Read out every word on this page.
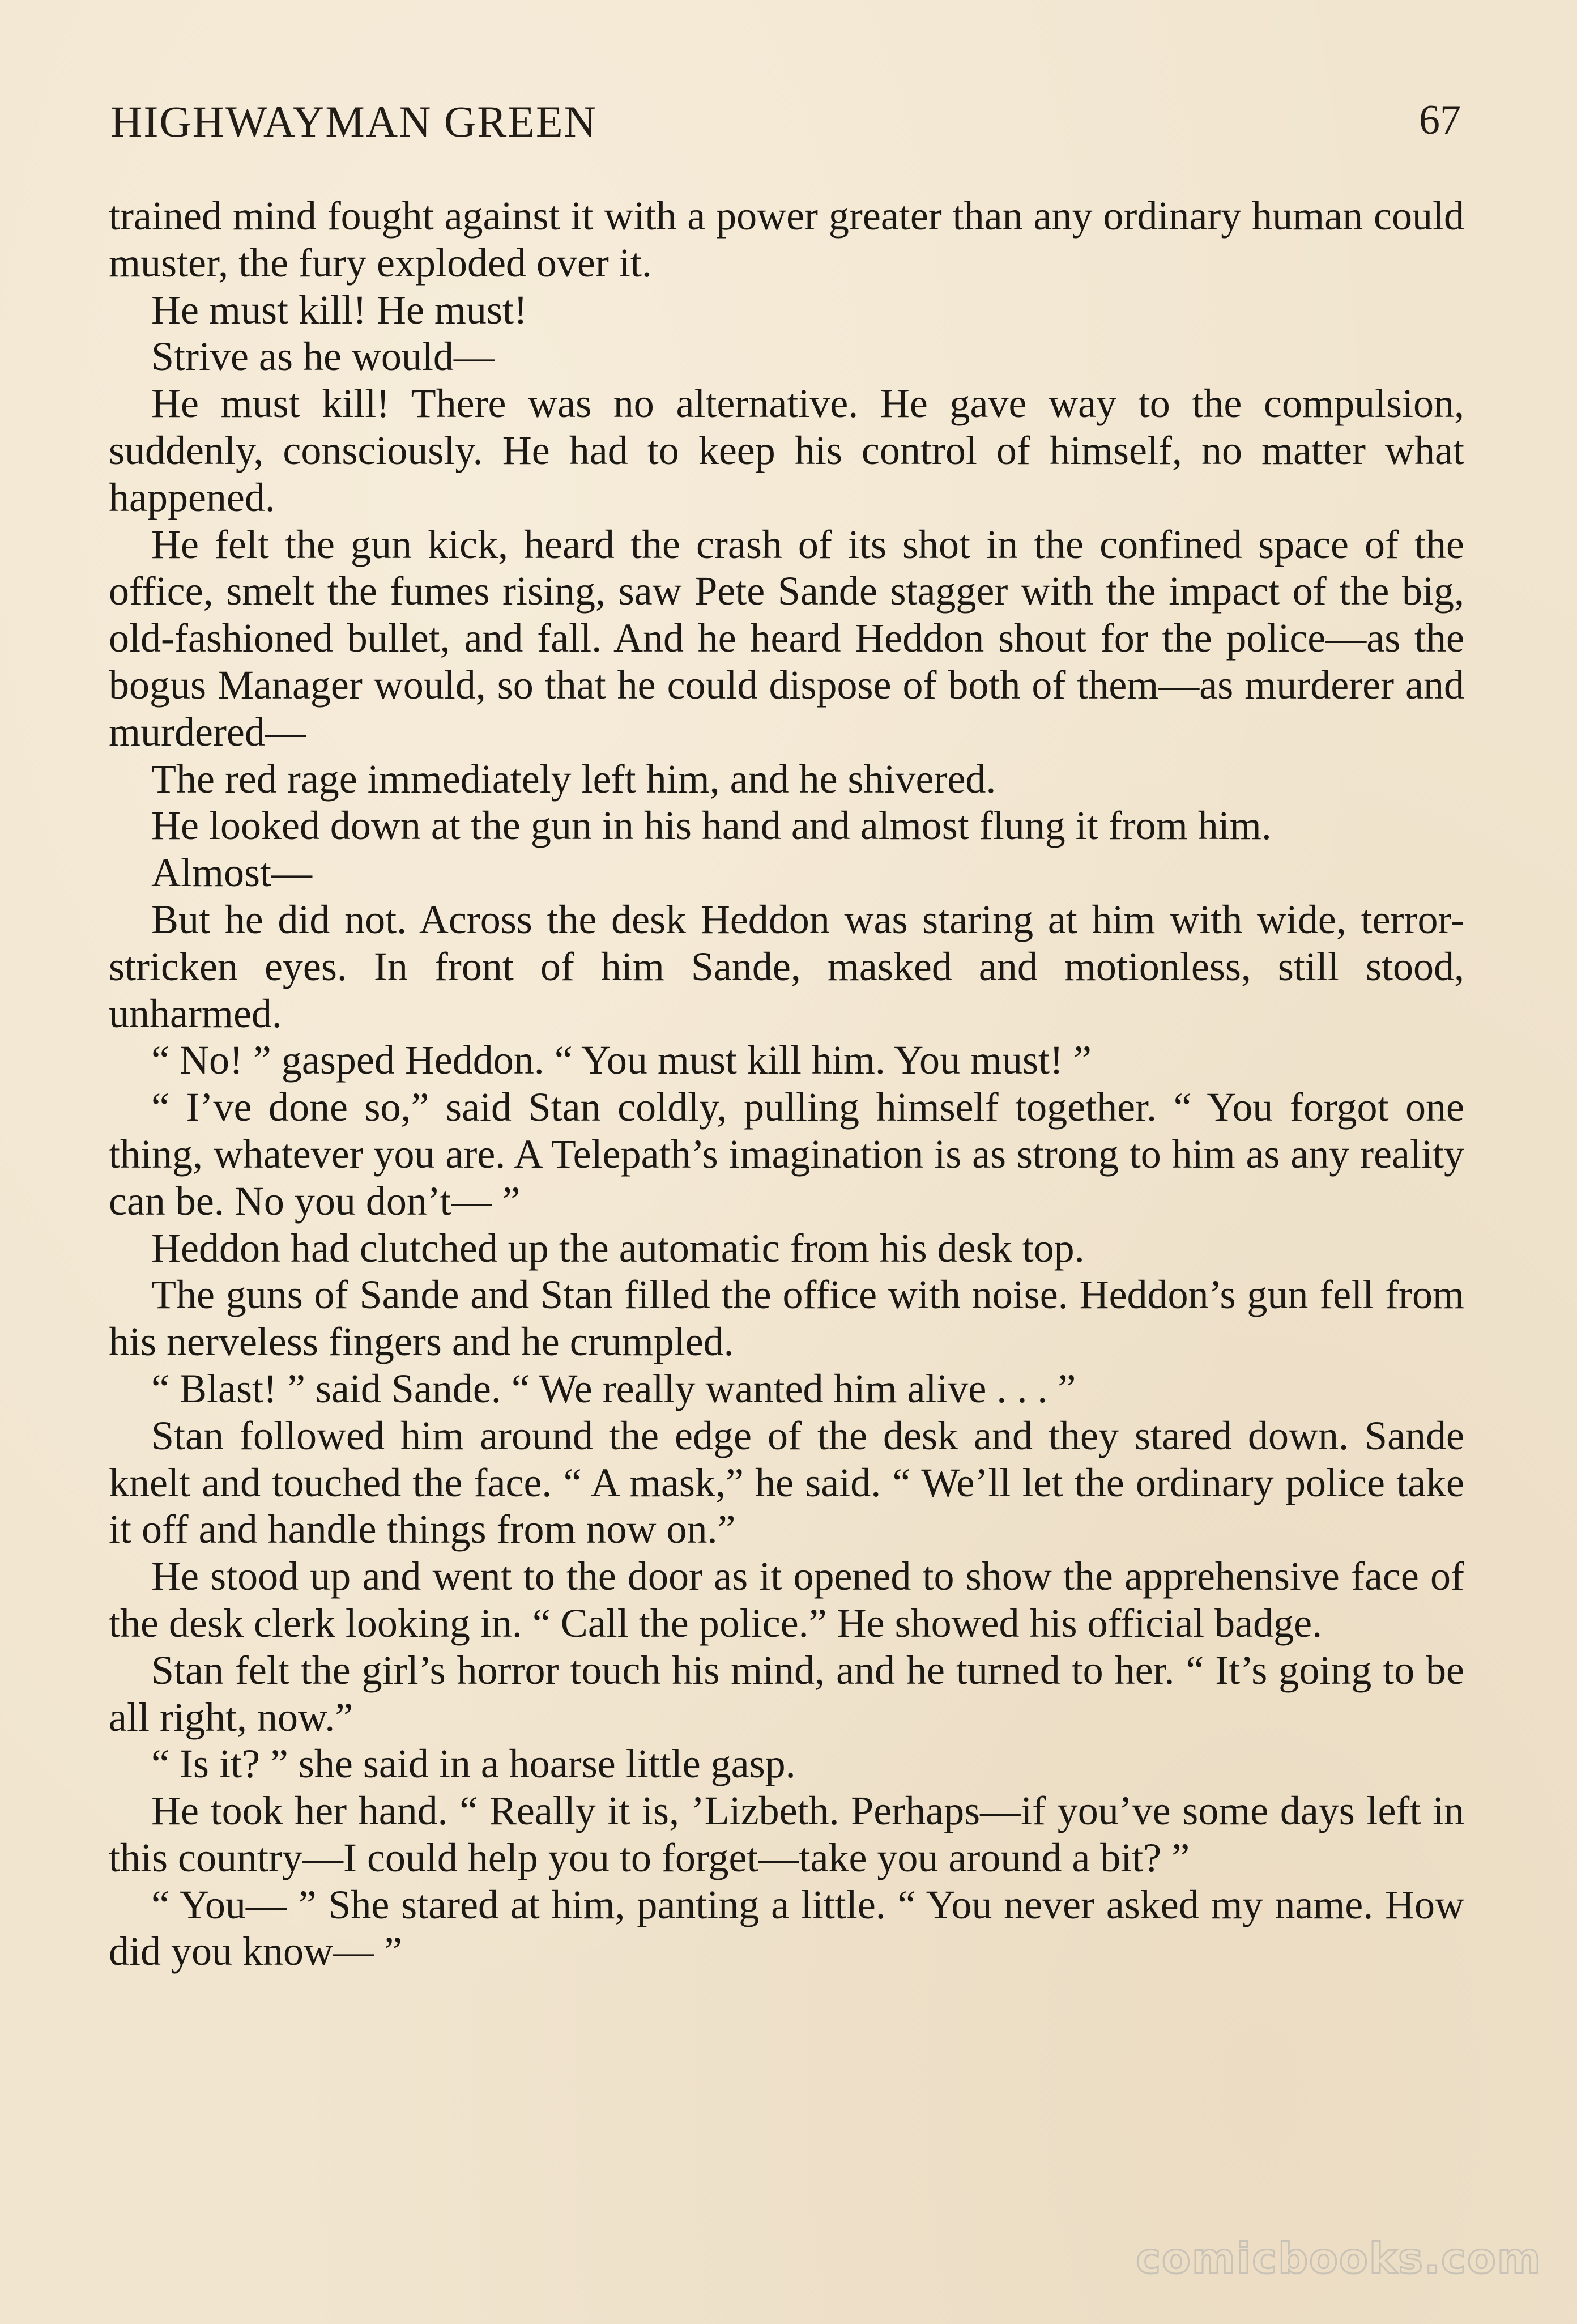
HIGHWAYMAN GREEN	67

trained mind fought against it with a power greater than any ordinary human could muster, the fury exploded over it.

He must kill! He must!

Strive as he would—

He must kill! There was no alternative. He gave way to the compulsion, suddenly, consciously. He had to keep his control of himself, no matter what happened.

He felt the gun kick, heard the crash of its shot in the confined space of the office, smelt the fumes rising, saw Pete Sande stagger with the impact of the big, old-fashioned bullet, and fall. And he heard Heddon shout for the police—as the bogus Manager would, so that he could dispose of both of them—as murderer and murdered—

The red rage immediately left him, and he shivered.

He looked down at the gun in his hand and almost flung it from him.

Almost—

But he did not. Across the desk Heddon was staring at him with wide, terror-stricken eyes. In front of him Sande, masked and motionless, still stood, unharmed.

“ No! ” gasped Heddon. “ You must kill him. You must! ”

“ I’ve done so,” said Stan coldly, pulling himself together. “ You forgot one thing, whatever you are. A Telepath’s imagination is as strong to him as any reality can be. No you don’t— ”

Heddon had clutched up the automatic from his desk top.

The guns of Sande and Stan filled the office with noise. Heddon’s gun fell from his nerveless fingers and he crumpled.

“ Blast! ” said Sande. “ We really wanted him alive . . . ”

Stan followed him around the edge of the desk and they stared down. Sande knelt and touched the face. “ A mask,” he said. “ We’ll let the ordinary police take it off and handle things from now on.”

He stood up and went to the door as it opened to show the apprehensive face of the desk clerk looking in. “ Call the police.” He showed his official badge.

Stan felt the girl’s horror touch his mind, and he turned to her. “ It’s going to be all right, now.”

“ Is it? ” she said in a hoarse little gasp.

He took her hand. “ Really it is, ’Lizbeth. Perhaps—if you’ve some days left in this country—I could help you to forget—take you around a bit? ”

“ You— ” She stared at him, panting a little. “ You never asked my name. How did you know— ”

comicbooks.com
